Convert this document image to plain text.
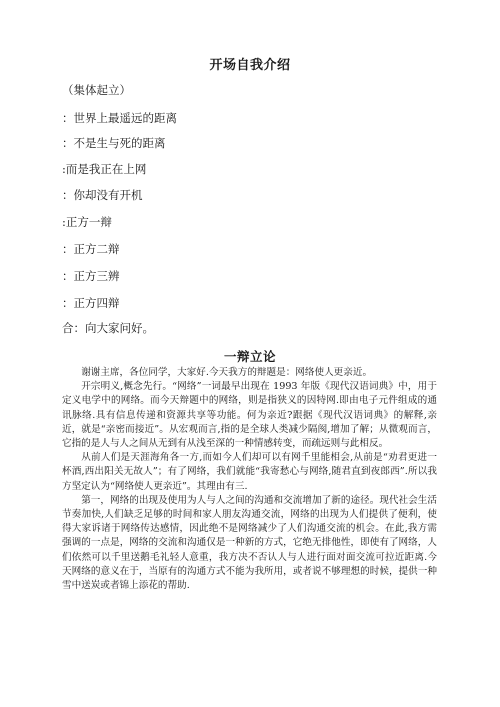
开场自我介绍
（集体起立）
：世界上最遥远的距离
：不是生与死的距离
:而是我正在上网
：你却没有开机
:正方一辩
：正方二辩
：正方三辨
：正方四辩
合：向大家问好。
一辩立论

谢谢主席，各位同学，大家好.今天我方的辩题是：网络使人更亲近。

开宗明义,概念先行。“网络”一词最早出现在 1993 年版《现代汉语词典》中，用于定义电学中的网络。而今天辩题中的网络，则是指狭义的因特网.即由电子元件组成的通讯脉络.具有信息传递和资源共享等功能。何为亲近?跟据《现代汉语词典》的解释,亲近，就是“亲密而接近”。从宏观而言,指的是全球人类减少隔阂,增加了解；从微观而言，它指的是人与人之间从无到有从浅至深的一种情感转变，而疏远则与此相反。

从前人们是天涯海角各一方,而如今人们却可以有网千里能相会,从前是“劝君更进一杯酒,西出阳关无故人”；有了网络，我们就能“我寄愁心与网络,随君直到夜郎西”.所以我方坚定认为“网络使人更亲近”。其理由有三.

第一，网络的出现及使用为人与人之间的沟通和交流增加了新的途径。现代社会生活节奏加快,人们缺乏足够的时间和家人朋友沟通交流，网络的出现为人们提供了便利，使得大家诉诸于网络传达感情，因此绝不是网络减少了人们沟通交流的机会。在此,我方需强调的一点是，网络的交流和沟通仅是一种新的方式，它绝无排他性，即使有了网络，人们依然可以千里送鹅毛礼轻人意重，我方决不否认人与人进行面对面交流可拉近距离.今天网络的意义在于，当原有的沟通方式不能为我所用，或者说不够理想的时候，提供一种雪中送炭或者锦上添花的帮助.
